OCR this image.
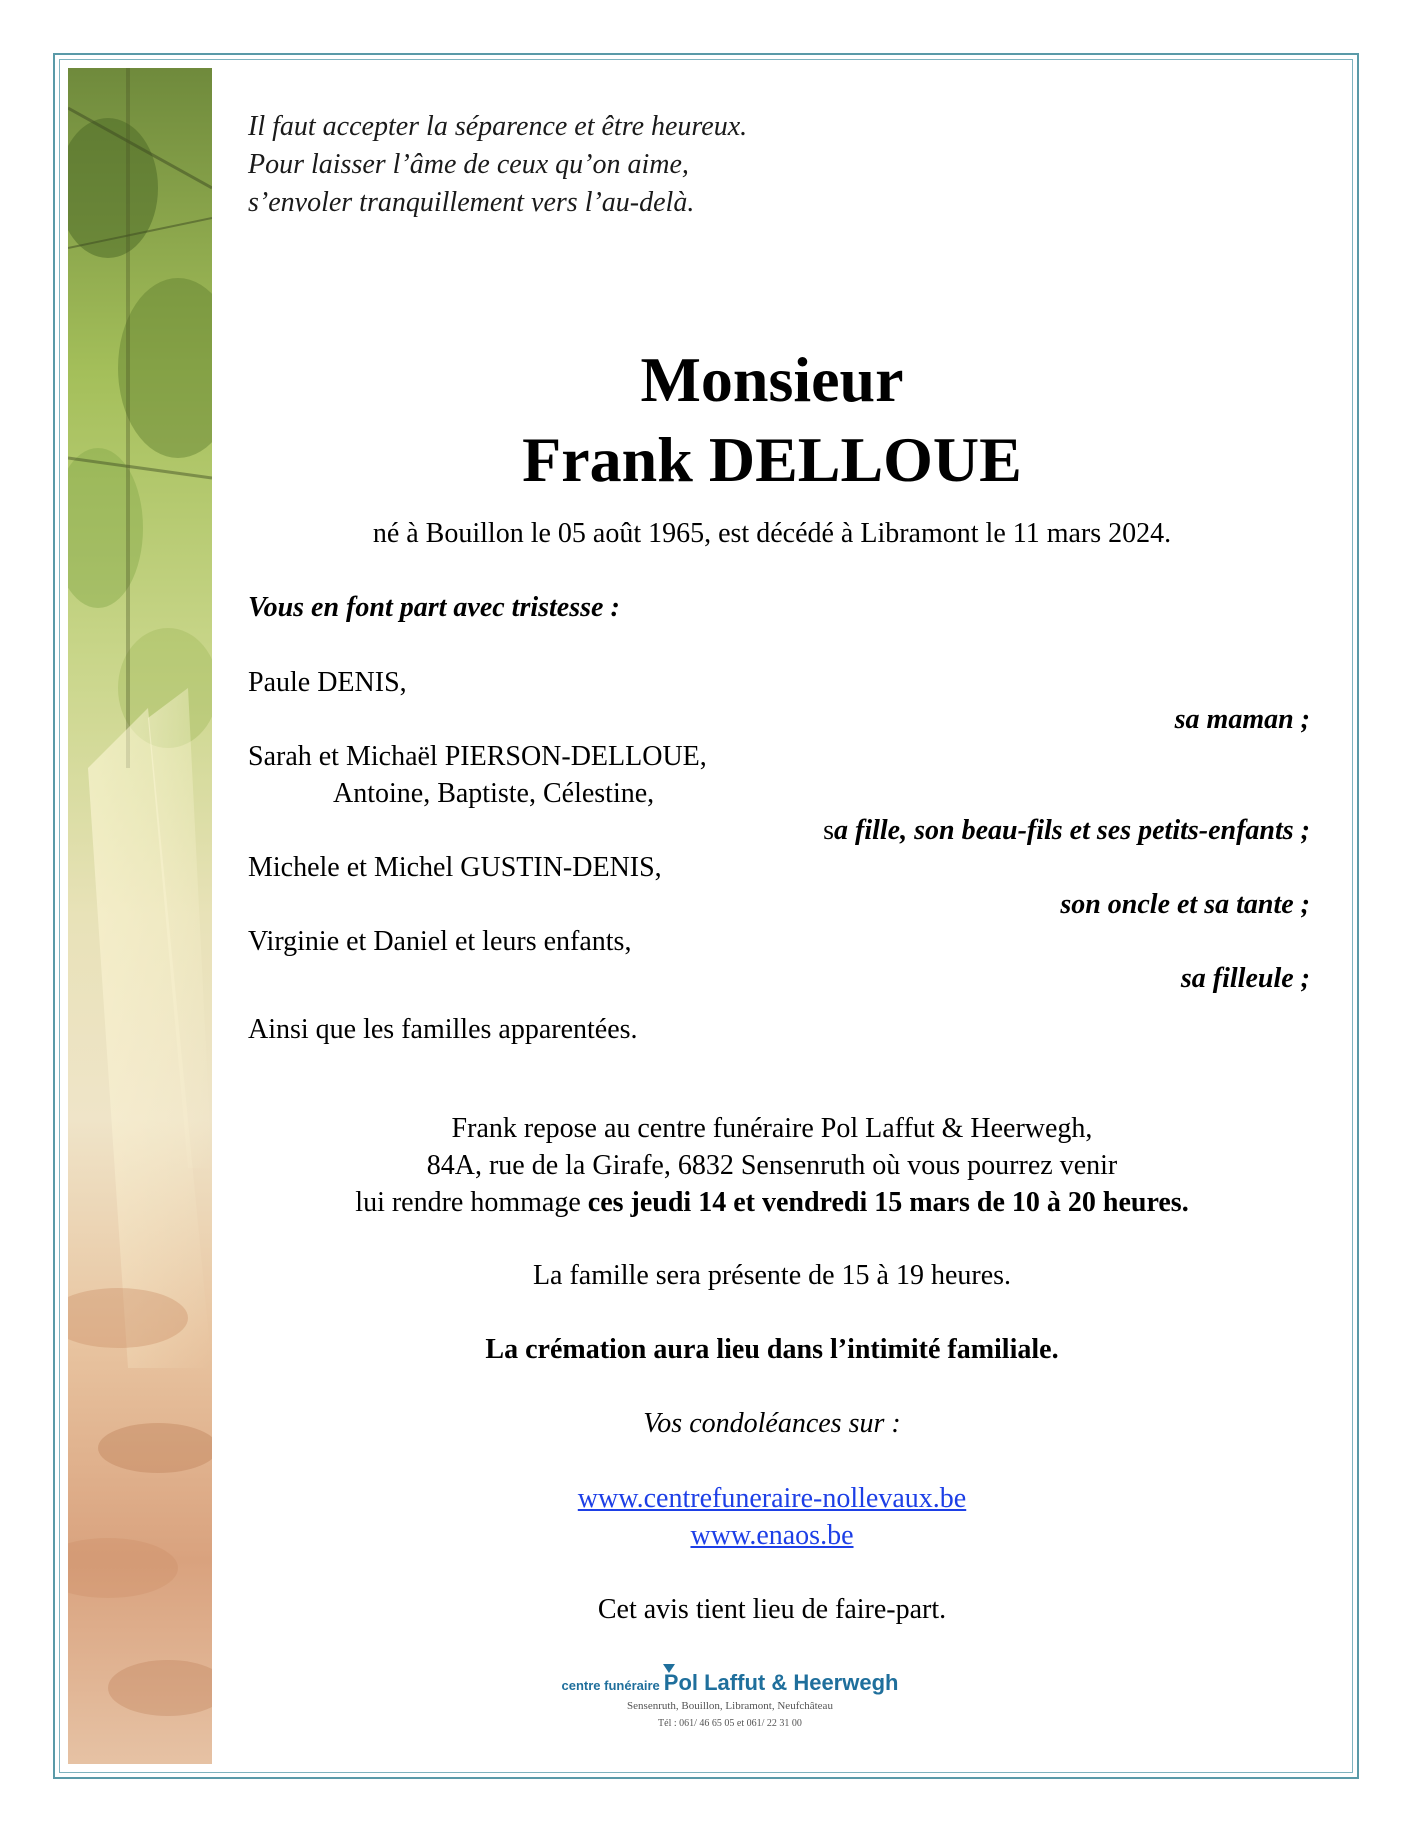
Il faut accepter la séparence et être heureux.
Pour laisser l’âme de ceux qu’on aime,
s’envoler tranquillement vers l’au-delà.
Monsieur
Frank DELLOUE
né à Bouillon le 05 août 1965, est décédé à Libramont le 11 mars 2024.
Vous en font part avec tristesse :
Paule DENIS,
sa maman ;
Sarah et Michaël PIERSON-DELLOUE,
Antoine, Baptiste, Célestine,
sa fille, son beau-fils et ses petits-enfants ;
Michele et Michel GUSTIN-DENIS,
son oncle et sa tante ;
Virginie et Daniel et leurs enfants,
sa filleule ;
Ainsi que les familles apparentées.
Frank repose au centre funéraire Pol Laffut & Heerwegh,
84A, rue de la Girafe, 6832 Sensenruth où vous pourrez venir
lui rendre hommage ces jeudi 14 et vendredi 15 mars de 10 à 20 heures.
La famille sera présente de 15 à 19 heures.
La crémation aura lieu dans l’intimité familiale.
Vos condoléances sur :
www.centrefuneraire-nollevaux.be
www.enaos.be
Cet avis tient lieu de faire-part.
centre funéraire Pol Laffut & Heerwegh
Sensenruth, Bouillon, Libramont, Neufchâteau
Tél : 061/ 46 65 05 et 061/ 22 31 00
